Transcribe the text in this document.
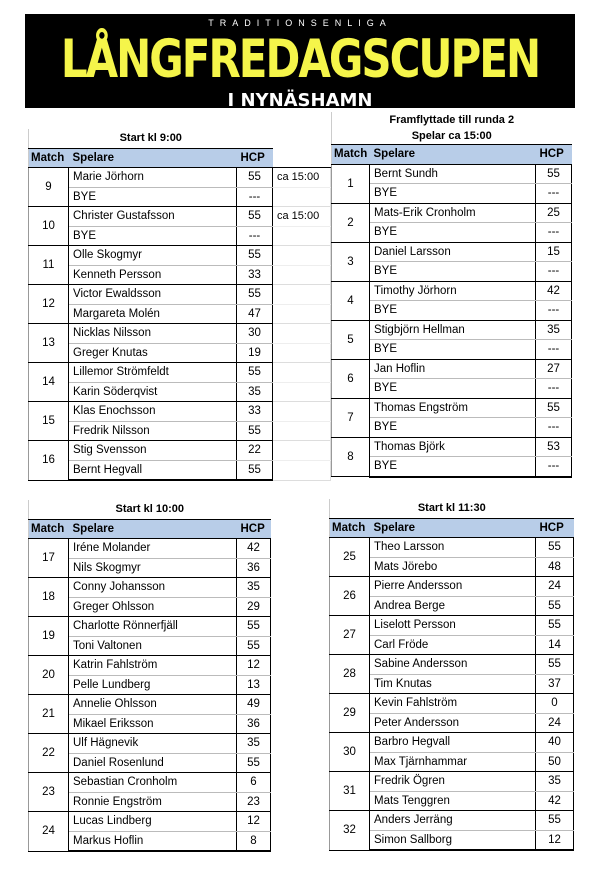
TRADITIONSENLIGA
LÅNGFREDAGSCUPEN
I NYNÄSHAMN
Start kl 9:00			
Match	Spelare	HCP	
9	Marie Jörhorn	55	ca 15:00
	BYE	---	
10	Christer Gustafsson	55	ca 15:00
	BYE	---	
11	Olle Skogmyr	55	
	Kenneth Persson	33	
12	Victor Ewaldsson	55	
	Margareta Molén	47	
13	Nicklas Nilsson	30	
	Greger Knutas	19	
14	Lillemor Strömfeldt	55	
	Karin Söderqvist	35	
15	Klas Enochsson	33	
	Fredrik Nilsson	55	
16	Stig Svensson	22	
	Bernt Hegvall	55	
Framflyttade till runda 2		
Spelar ca 15:00		
Match	Spelare	HCP
1	Bernt Sundh	55
	BYE	---
2	Mats-Erik Cronholm	25
	BYE	---
3	Daniel Larsson	15
	BYE	---
4	Timothy Jörhorn	42
	BYE	---
5	Stigbjörn Hellman	35
	BYE	---
6	Jan Hoflin	27
	BYE	---
7	Thomas Engström	55
	BYE	---
8	Thomas Björk	53
	BYE	---
Start kl 10:00		
Match	Spelare	HCP
17	Iréne Molander	42
	Nils Skogmyr	36
18	Conny Johansson	35
	Greger Ohlsson	29
19	Charlotte Rönnerfjäll	55
	Toni Valtonen	55
20	Katrin Fahlström	12
	Pelle Lundberg	13
21	Annelie Ohlsson	49
	Mikael Eriksson	36
22	Ulf Hägnevik	35
	Daniel Rosenlund	55
23	Sebastian Cronholm	6
	Ronnie Engström	23
24	Lucas Lindberg	12
	Markus Hoflin	8
Start kl 11:30		
Match	Spelare	HCP
25	Theo Larsson	55
	Mats Jörebo	48
26	Pierre Andersson	24
	Andrea Berge	55
27	Liselott Persson	55
	Carl Fröde	14
28	Sabine Andersson	55
	Tim Knutas	37
29	Kevin Fahlström	0
	Peter Andersson	24
30	Barbro Hegvall	40
	Max Tjärnhammar	50
31	Fredrik Ögren	35
	Mats Tenggren	42
32	Anders Jerräng	55
	Simon Sallborg	12
